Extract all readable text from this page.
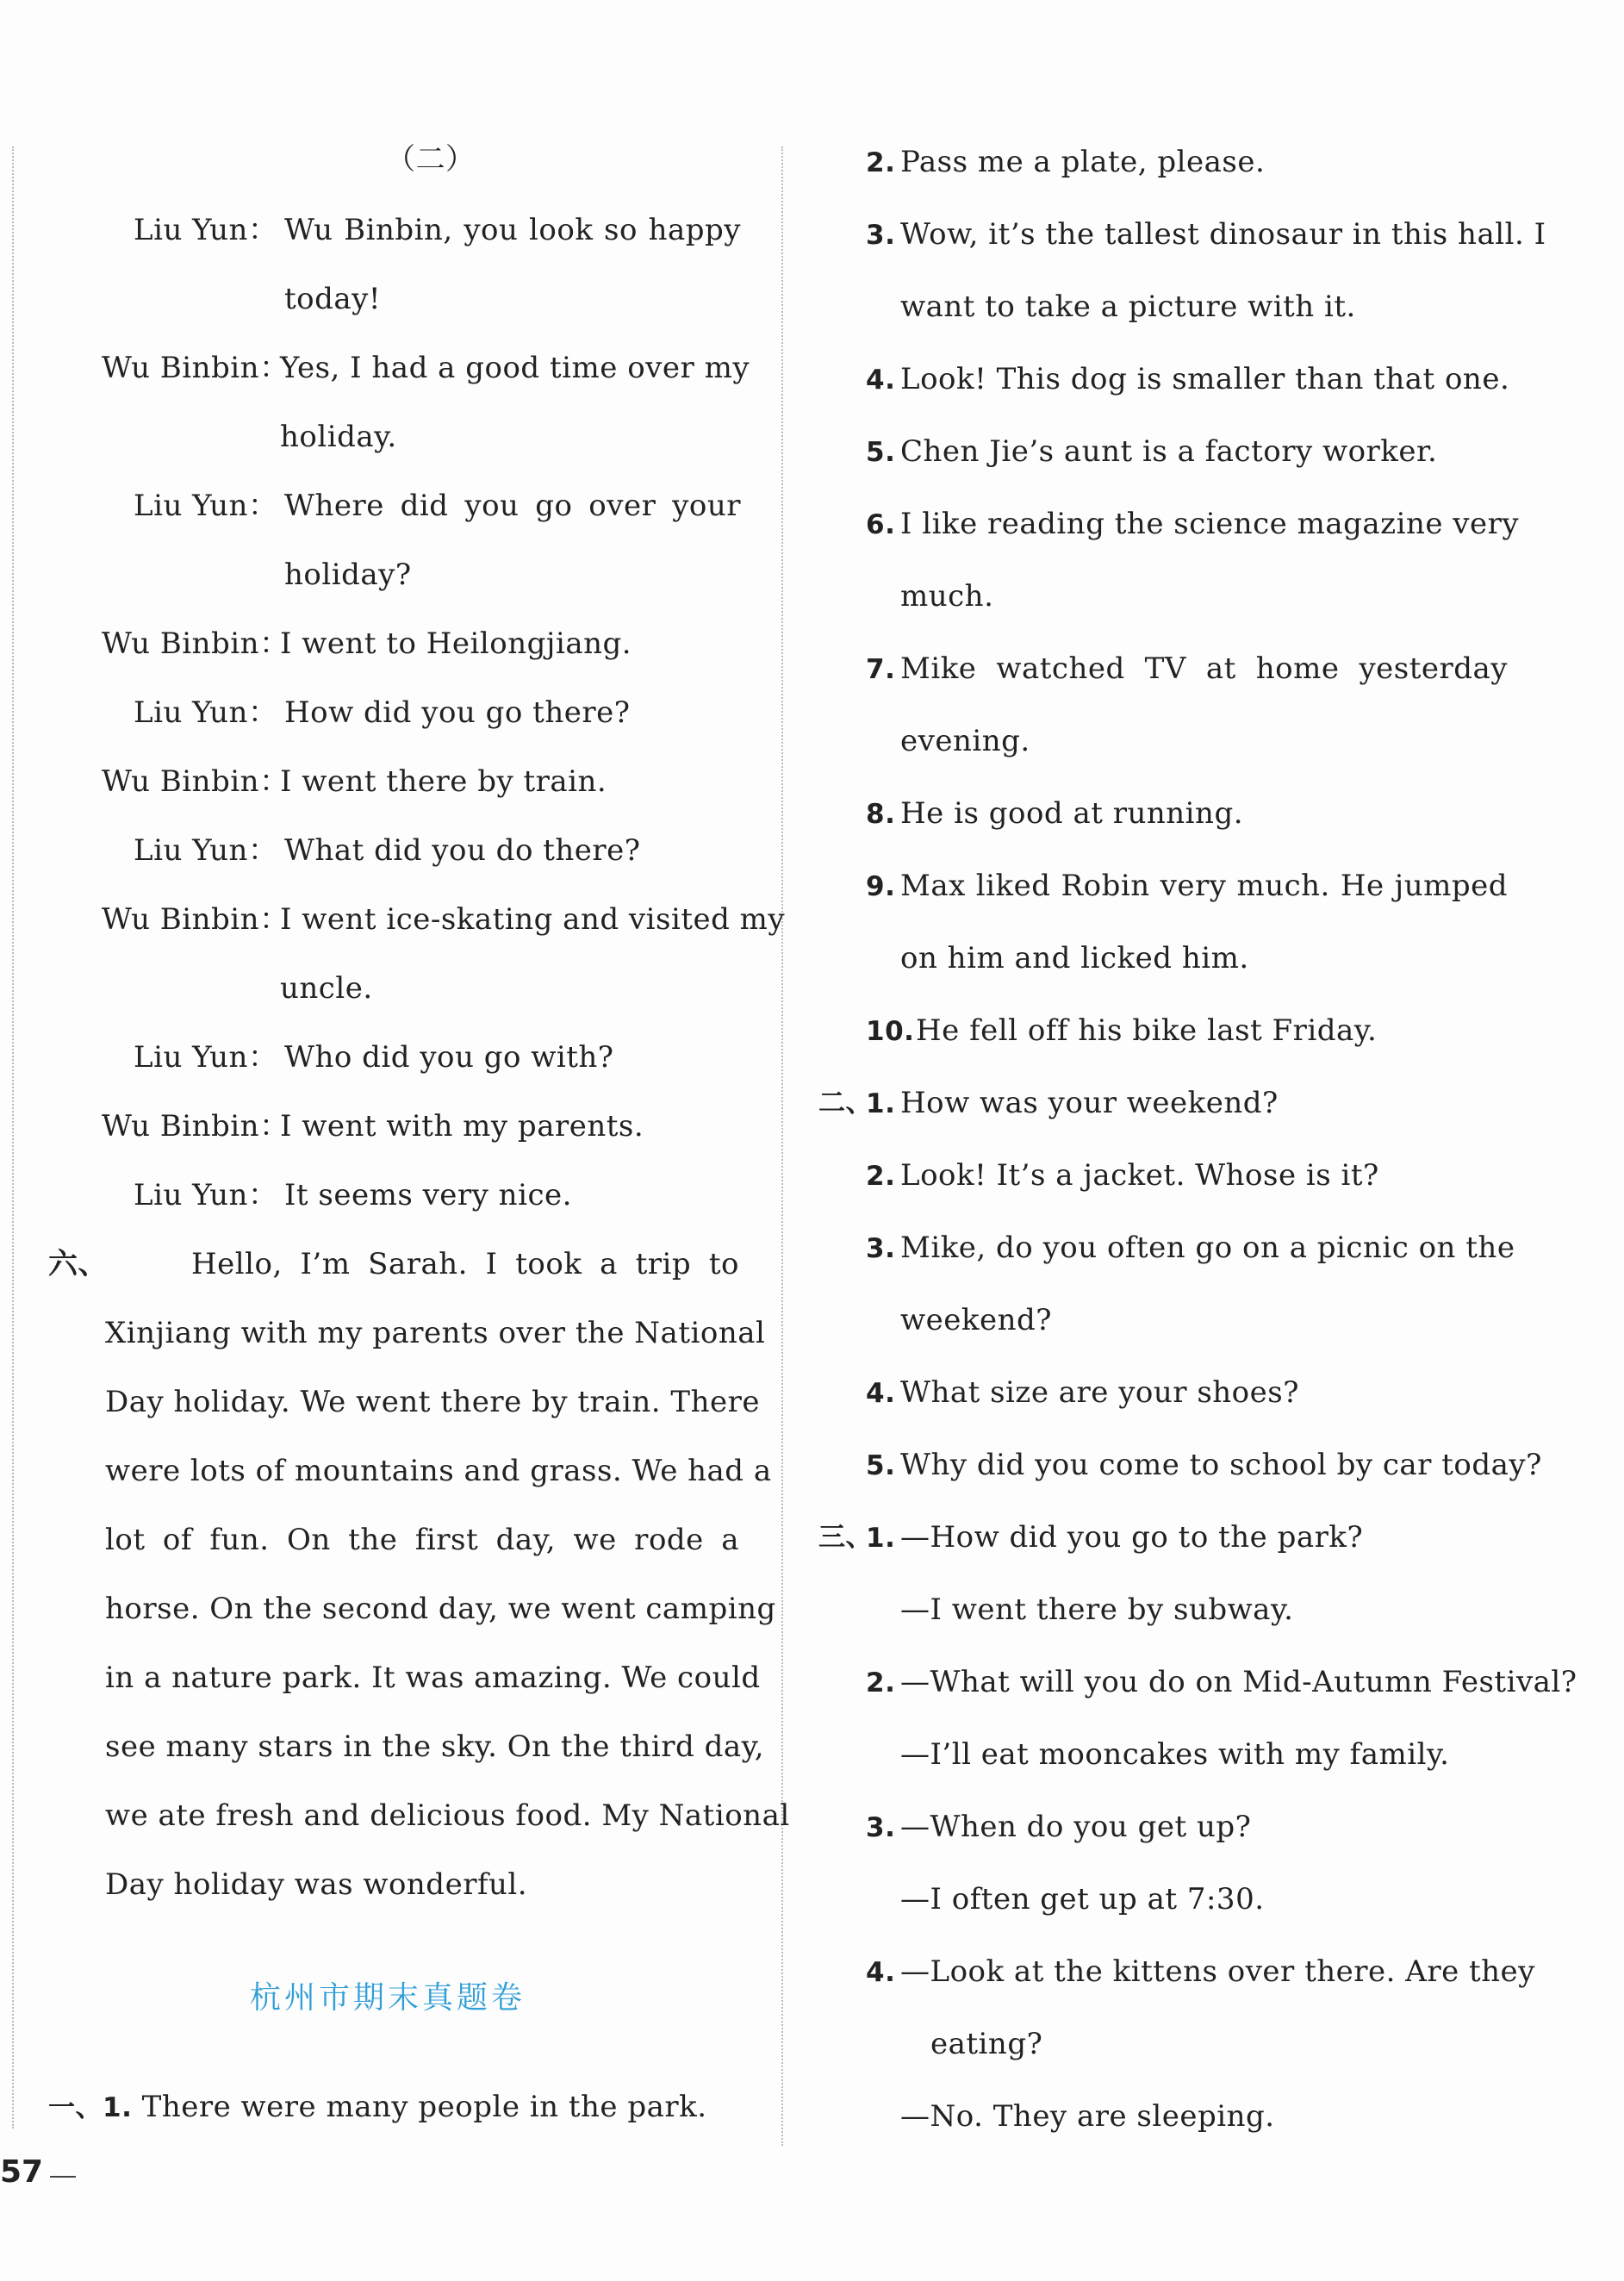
（二）
Liu Yun： Wu Binbin, you look so happy
today!
Wu Binbin：
Yes, I had a good time over my
holiday.
Liu Yun： Where did you go over your
holiday?
Wu Binbin：
I went to Heilongjiang.
Liu Yun： How did you go there?
Wu Binbin：
I went there by train.
Liu Yun： What did you do there?
Wu Binbin：
I went ice-skating and visited my
uncle.
Liu Yun： Who did you go with?
Wu Binbin：
I went with my parents.
Liu Yun： It seems very nice.
六、	Hello, I’m Sarah. I took a trip to
Xinjiang with my parents over the National
Day holiday. We went there by train. There
were lots of mountains and grass. We had a
lot of fun. On the first day, we rode a
horse. On the second day, we went camping
in a nature park. It was amazing. We could
see many stars in the sky. On the third day,
we ate fresh and delicious food. My National
Day holiday was wonderful.
一、1. There were many people in the park.
2. Pass me a plate, please.
3. Wow, it’s the tallest dinosaur in this hall. I
want to take a picture with it.
4. Look! This dog is smaller than that one.
5. Chen Jie’s aunt is a factory worker.
6. I like reading the science magazine very
much.
7. Mike watched TV at home yesterday
evening.
8. He is good at running.
9. Max liked Robin very much. He jumped
on him and licked him.
10. He fell off his bike last Friday.
1.
二、 How was your weekend?
2. Look! It’s a jacket. Whose is it?
3. Mike, do you often go on a picnic on the
weekend?
4. What size are your shoes?
5. Why did you come to school by car today?
1.
三、 —How did you go to the park?
—I went there by subway.
2. —What will you do on Mid-Autumn Festival?
—I’ll eat mooncakes with my family.
3. —When do you get up?
—I often get up at 7:30.
4. —Look at the kittens over there. Are they
eating?
—No. They are sleeping.
杭州市期末真题卷
57
